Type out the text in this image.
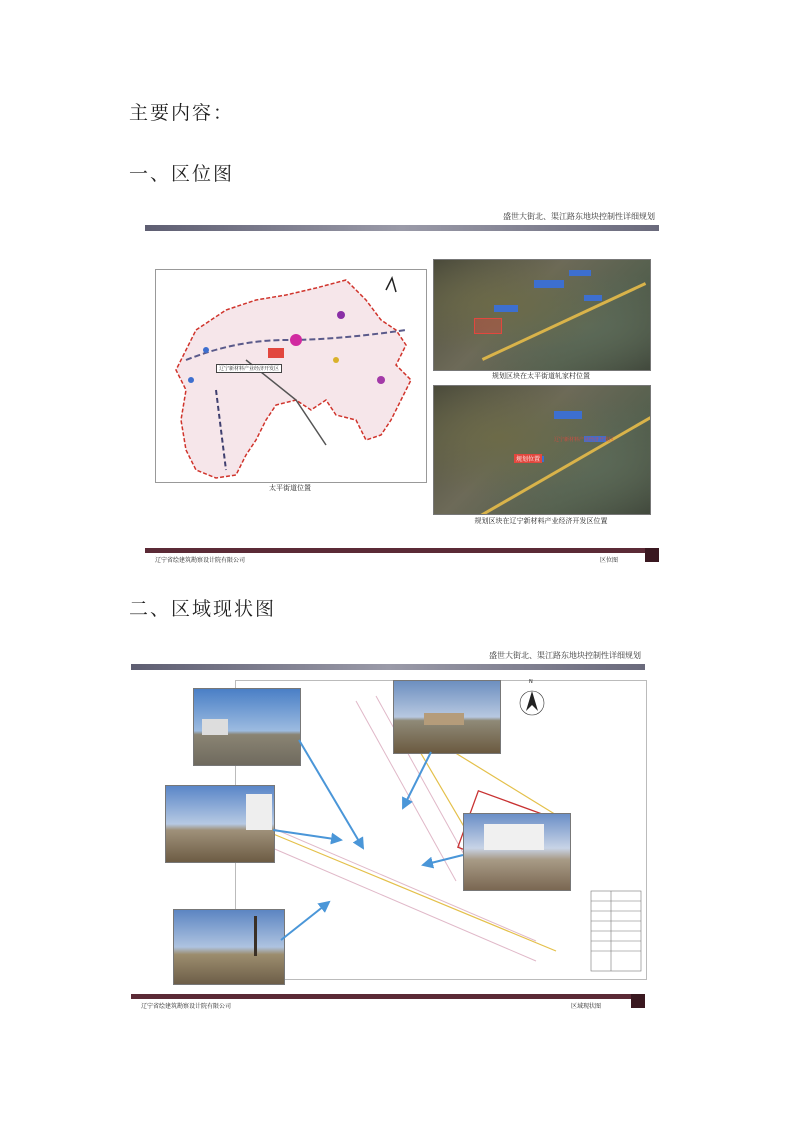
主要内容：
一、区位图
盛世大街北、渠江路东地块控制性详细规划
辽宁新材料产业经济开发区
太平街道位置
规划区块在太平街道轧家村位置
辽宁新材料产业经济开发区
规划位置
规划区块在辽宁新材料产业经济开发区位置
辽宁省绘建筑勘察设计院有限公司	区位图
二、区域现状图
盛世大街北、渠江路东地块控制性详细规划
N
辽宁省绘建筑勘察设计院有限公司	区域现状图
